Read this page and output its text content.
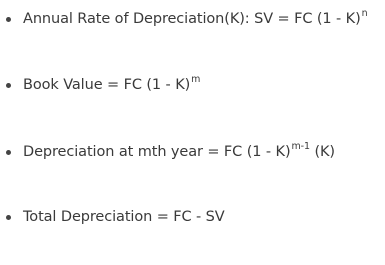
Annual Rate of Depreciation(K): SV = FC (1 - K) n
Book Value = FC (1 - K) m
Depreciation at mth year = FC (1 - K) m-1 (K)
Total Depreciation = FC - SV
